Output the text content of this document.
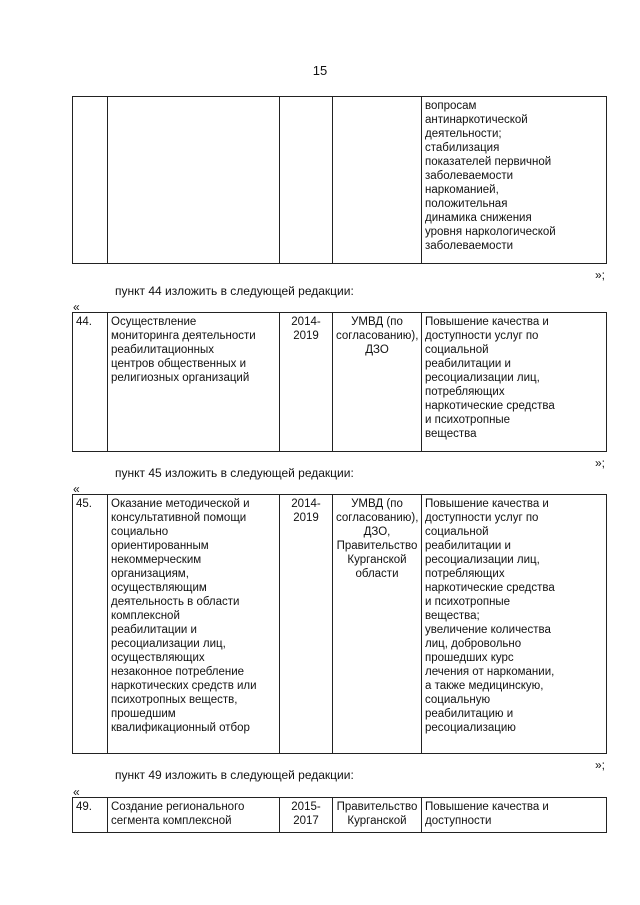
15
				вопросам
антинаркотической
деятельности;
стабилизация
показателей первичной
заболеваемости
наркоманией,
положительная
динамика снижения
уровня наркологической
заболеваемости
»;
пункт 44 изложить в следующей редакции:
«
44.	Осуществление
мониторинга деятельности
реабилитационных
центров общественных и
религиозных организаций	2014-
2019	УМВД (по
согласованию),
ДЗО	Повышение качества и
доступности услуг по
социальной
реабилитации и
ресоциализации лиц,
потребляющих
наркотические средства
и психотропные
вещества
»;
пункт 45 изложить в следующей редакции:
«
45.	Оказание методической и
консультативной помощи
социально
ориентированным
некоммерческим
организациям,
осуществляющим
деятельность в области
комплексной
реабилитации и
ресоциализации лиц,
осуществляющих
незаконное потребление
наркотических средств или
психотропных веществ,
прошедшим
квалификационный отбор	2014-
2019	УМВД (по
согласованию),
ДЗО,
Правительство
Курганской
области	Повышение качества и
доступности услуг по
социальной
реабилитации и
ресоциализации лиц,
потребляющих
наркотические средства
и психотропные
вещества;
увеличение количества
лиц, добровольно
прошедших курс
лечения от наркомании,
а также медицинскую,
социальную
реабилитацию и
ресоциализацию
»;
пункт 49 изложить в следующей редакции:
«
49.	Создание регионального
сегмента комплексной	2015-
2017	Правительство
Курганской	Повышение качества и
доступности
